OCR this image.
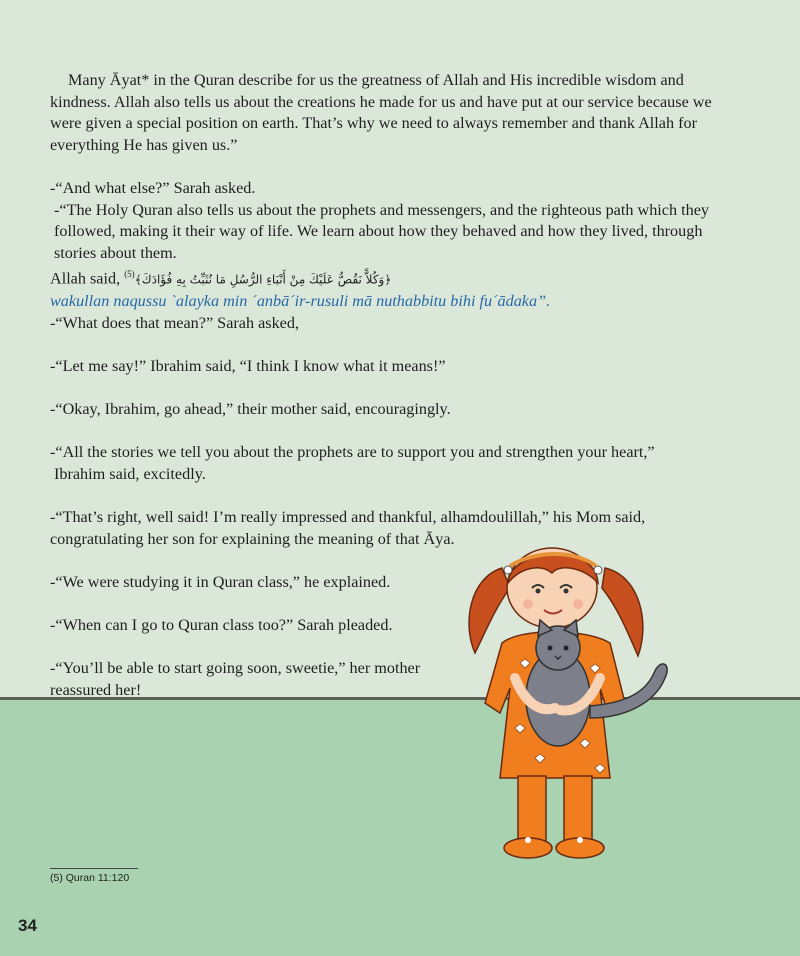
Many Āyat* in the Quran describe for us the greatness of Allah and His incredible wisdom and kindness. Allah also tells us about the creations he made for us and have put at our service because we were given a special position on earth. That’s why we need to always remember and thank Allah for everything He has given us.”

-“And what else?” Sarah asked.

-“The Holy Quran also tells us about the prophets and messengers, and the righteous path which they followed, making it their way of life. We learn about how they behaved and how they lived, through stories about them.

Allah said, $^{(5)}$﴿وَكُلاًّ نَقُصُّ عَلَيْكَ مِنْ أَنْبَاءِ الرُّسُلِ مَا نُثَبِّتُ بِهِ فُؤَادَكَ﴾

wakullan naqussu `alayka min ´anbā´ir-rusuli mā nuthabbitu bihi fu´ādaka”.

-“What does that mean?” Sarah asked,

-“Let me say!” Ibrahim said, “I think I know what it means!”

-“Okay, Ibrahim, go ahead,” their mother said, encouragingly.

-“All the stories we tell you about the prophets are to support you and strengthen your heart,”

Ibrahim said, excitedly.

-“That’s right, well said! I’m really impressed and thankful, alhamdoulillah,” his Mom said,

congratulating her son for explaining the meaning of that Āya.

-“We were studying it in Quran class,” he explained.

-“When can I go to Quran class too?” Sarah pleaded.

-“You’ll be able to start going soon, sweetie,” her mother

reassured her!

(5) Quran 11:120
34
